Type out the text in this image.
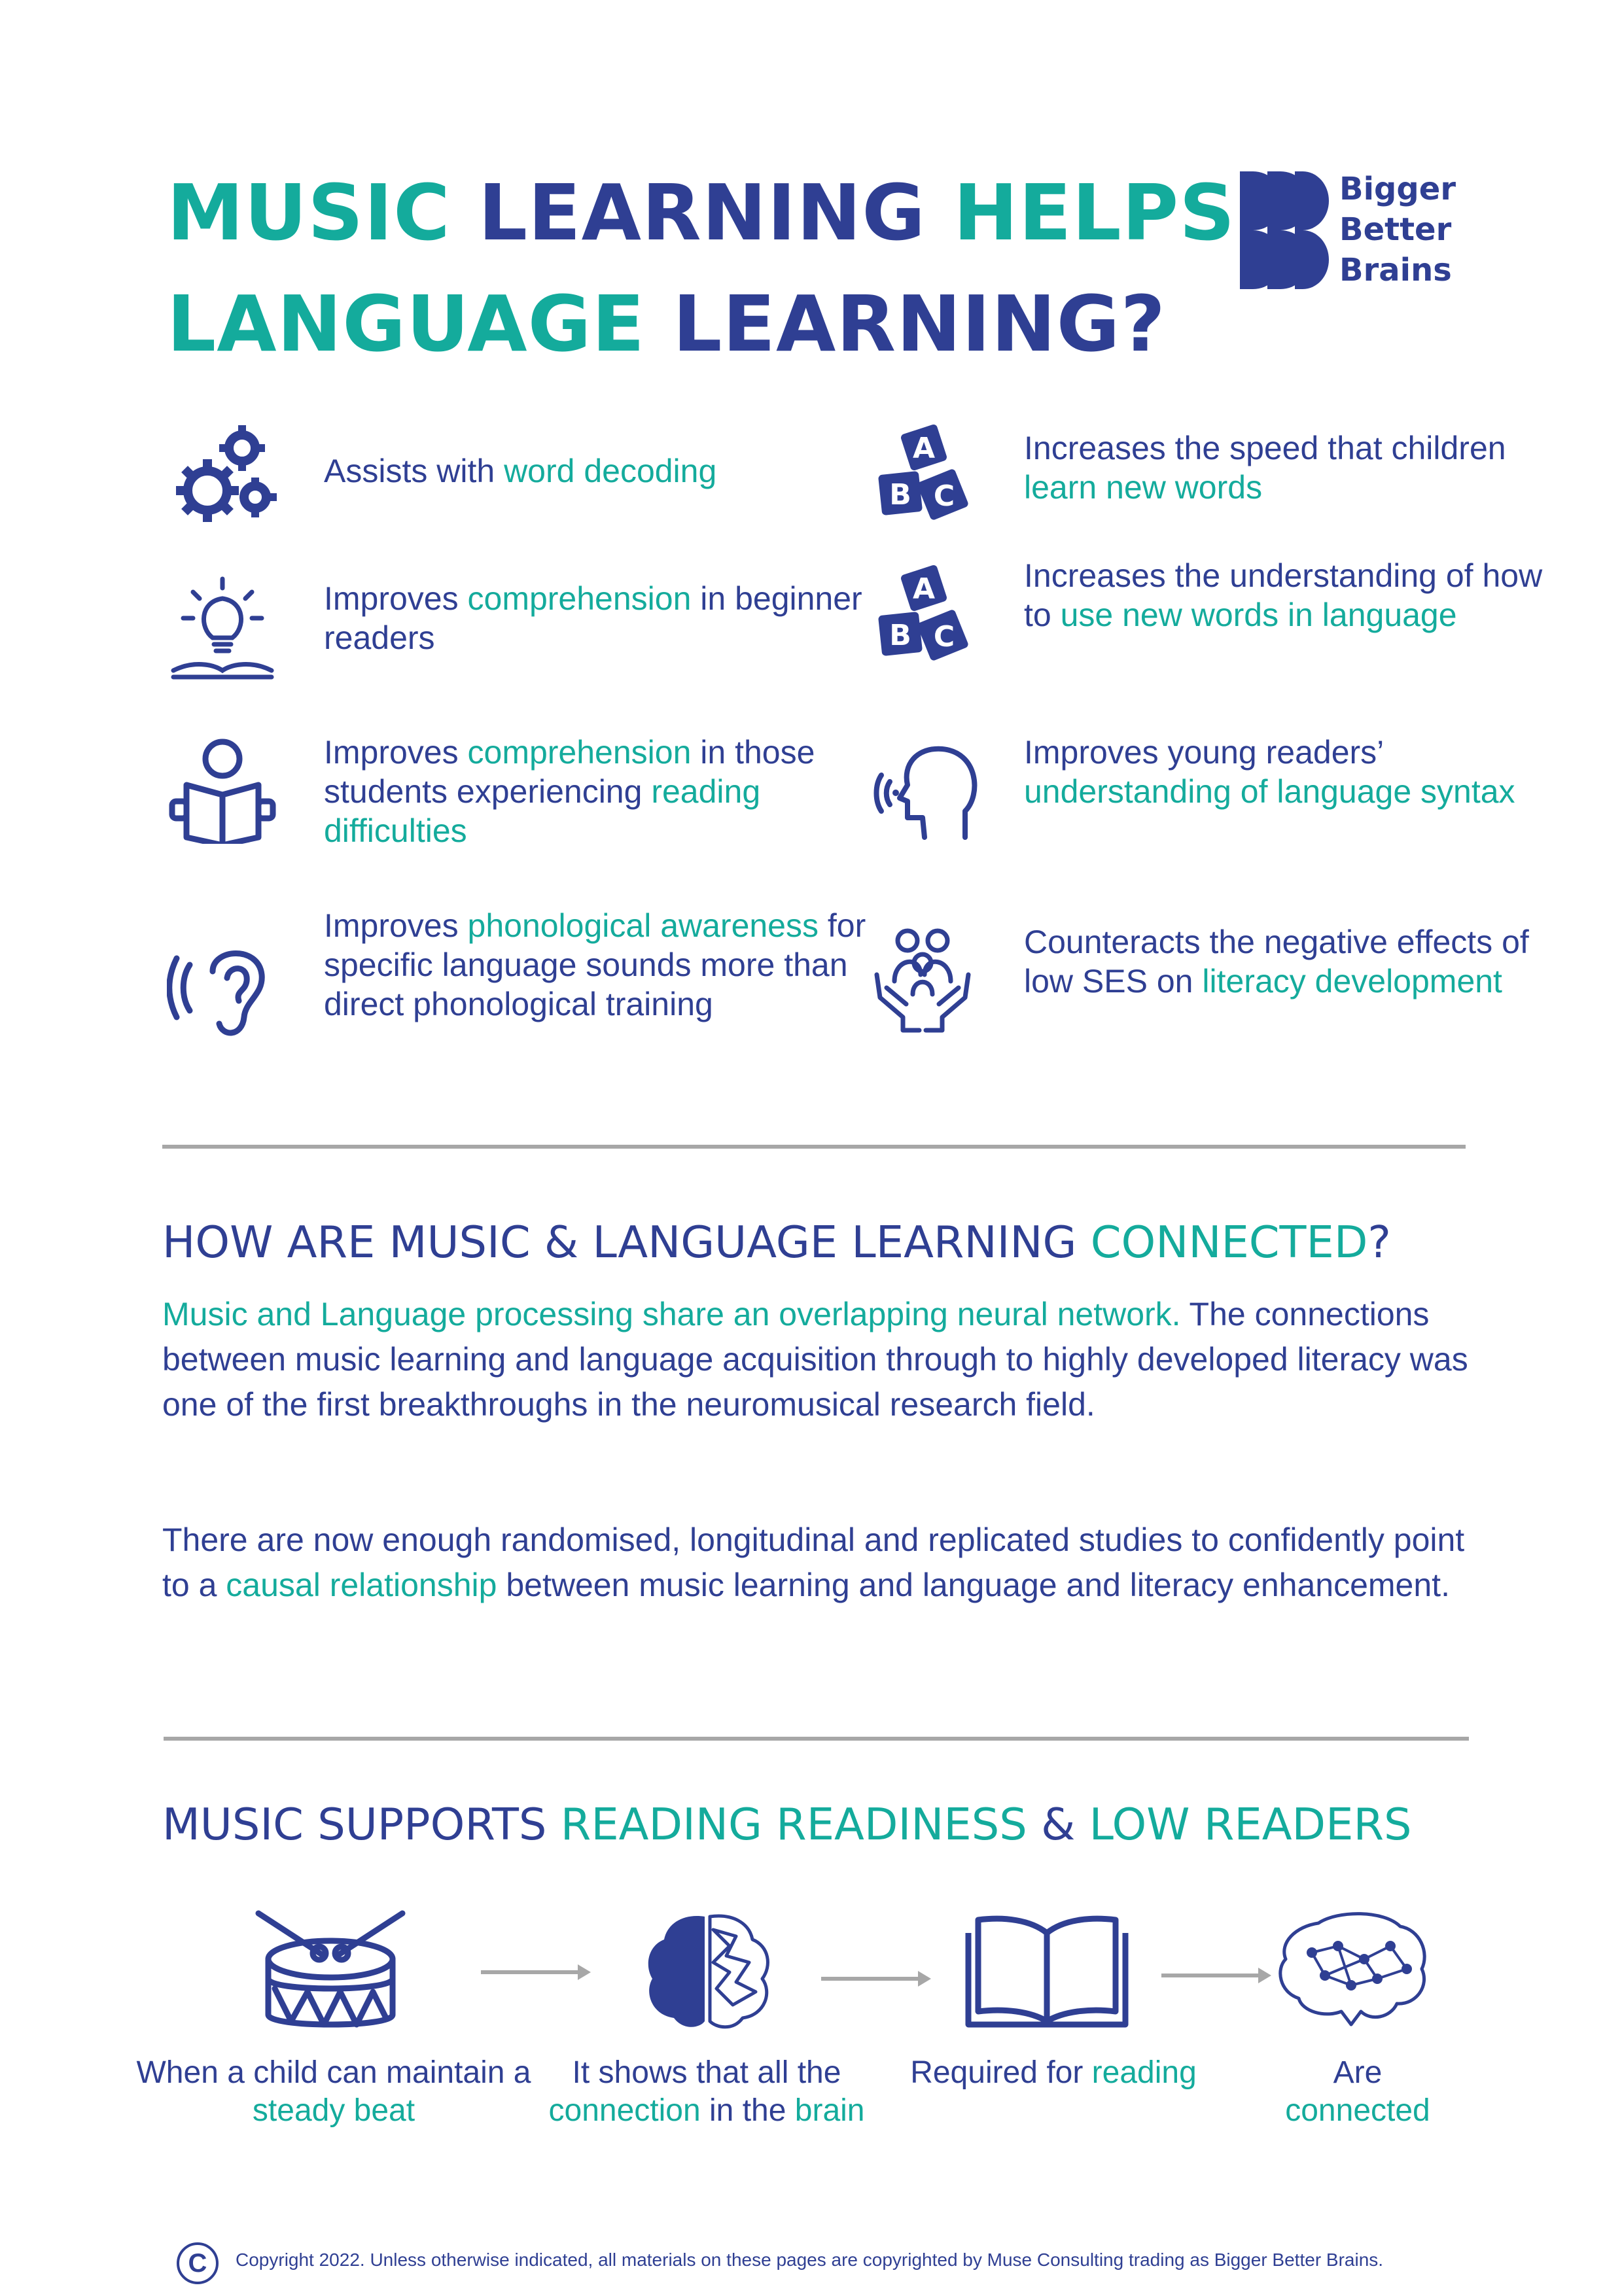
MUSIC LEARNING HELPS
LANGUAGE LEARNING?
Bigger
Better
Brains
Assists with word decoding
Improves comprehension in beginner readers
Improves comprehension in those students experiencing reading difficulties
Improves phonological awareness for specific language sounds more than direct phonological training
A
B C
Increases the speed that children learn new words
A
B C
Increases the understanding of how to use new words in language
Improves young readers’ understanding of language syntax
Counteracts the negative effects of low SES on literacy development
HOW ARE MUSIC & LANGUAGE LEARNING CONNECTED?
Music and Language processing share an overlapping neural network. The connections between music learning and language acquisition through to highly developed literacy was one of the first breakthroughs in the neuromusical research field.
There are now enough randomised, longitudinal and replicated studies to confidently point to a causal relationship between music learning and language and literacy enhancement.
MUSIC SUPPORTS READING READINESS & LOW READERS
When a child can maintain a steady beat
It shows that all the connection in the brain
Required for reading	Are connected
C	Copyright 2022. Unless otherwise indicated, all materials on these pages are copyrighted by Muse Consulting trading as Bigger Better Brains.
